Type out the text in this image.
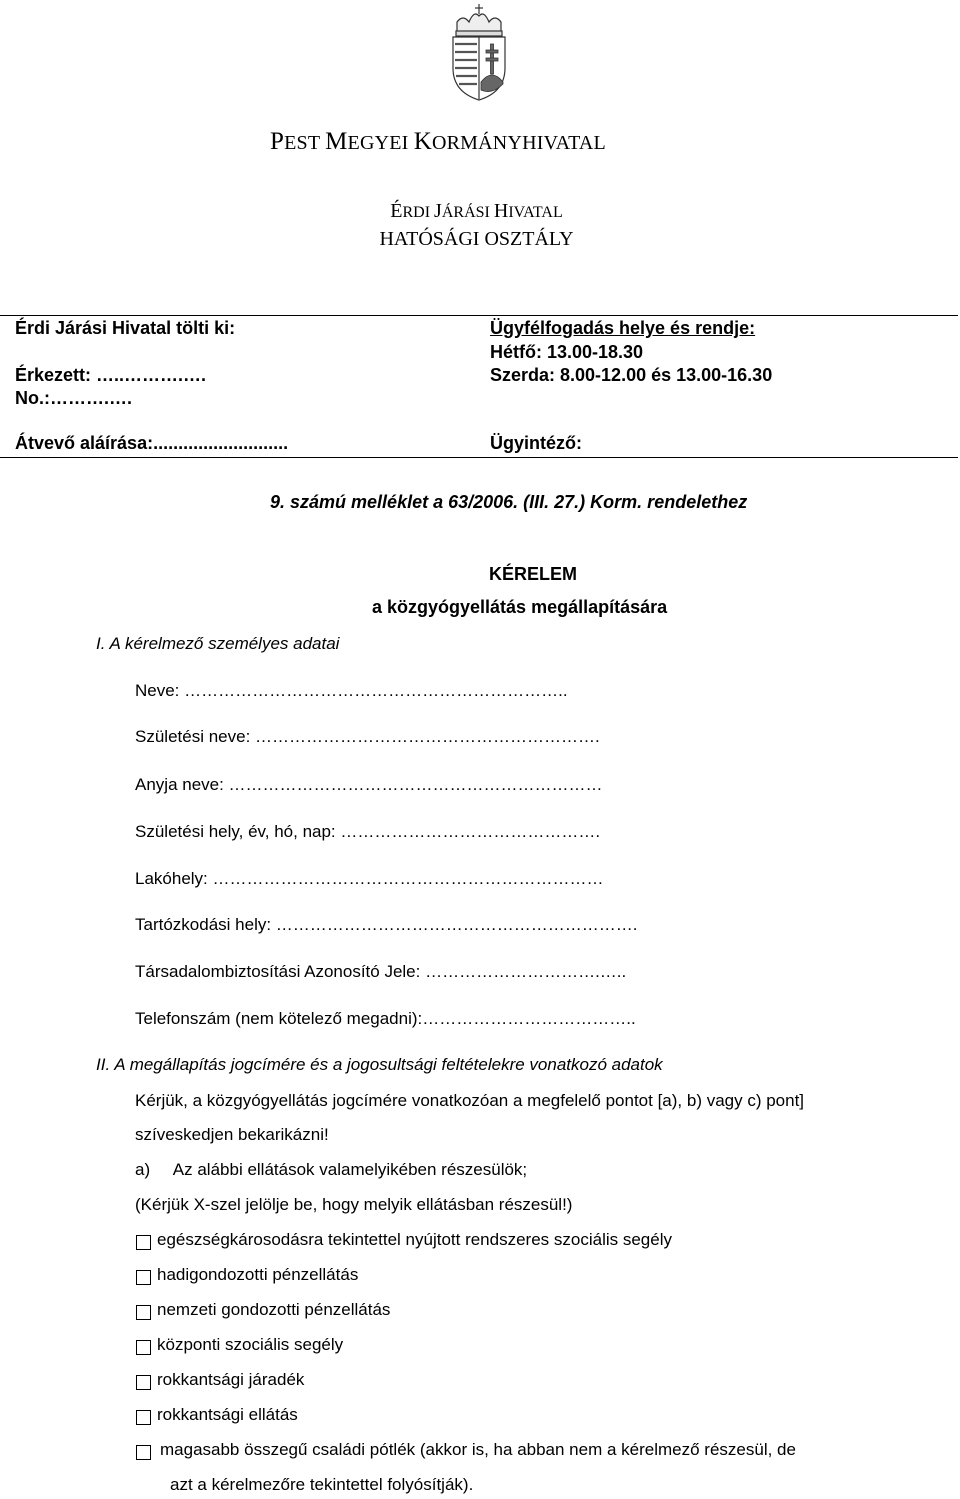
PEST MEGYEI KORMÁNYHIVATAL
ÉRDI JÁRÁSI HIVATAL
HATÓSÁGI OSZTÁLY
Érdi Járási Hivatal tölti ki:
Érkezett: …..……….….
No.:……….….
Átvevő aláírása:...........................
Ügyfélfogadás helye és rendje:
Hétfő: 13.00-18.30
Szerda: 8.00-12.00 és 13.00-16.30
Ügyintéző:
9. számú melléklet a 63/2006. (III. 27.) Korm. rendelethez
KÉRELEM
a közgyógyellátás megállapítására
I. A kérelmező személyes adatai
Neve: …………………………………………………………..
Születési neve: …………………………………………………….
Anyja neve: …………………………………………………………
Születési hely, év, hó, nap: ……………………………………….
Lakóhely: ……………………………………………………………
Tartózkodási hely: ……………………………………………………….
Társadalombiztosítási Azonosító Jele: ………………………….…..
Telefonszám (nem kötelező megadni):………………………………..
II. A megállapítás jogcímére és a jogosultsági feltételekre vonatkozó adatok
Kérjük, a közgyógyellátás jogcímére vonatkozóan a megfelelő pontot [a), b) vagy c) pont]
szíveskedjen bekarikázni!
a)     Az alábbi ellátások valamelyikében részesülök;
(Kérjük X-szel jelölje be, hogy melyik ellátásban részesül!)
egészségkárosodásra tekintettel nyújtott rendszeres szociális segély
hadigondozotti pénzellátás
nemzeti gondozotti pénzellátás
központi szociális segély
rokkantsági járadék
rokkantsági ellátás
magasabb összegű családi pótlék (akkor is, ha abban nem a kérelmező részesül, de
azt a kérelmezőre tekintettel folyósítják).
